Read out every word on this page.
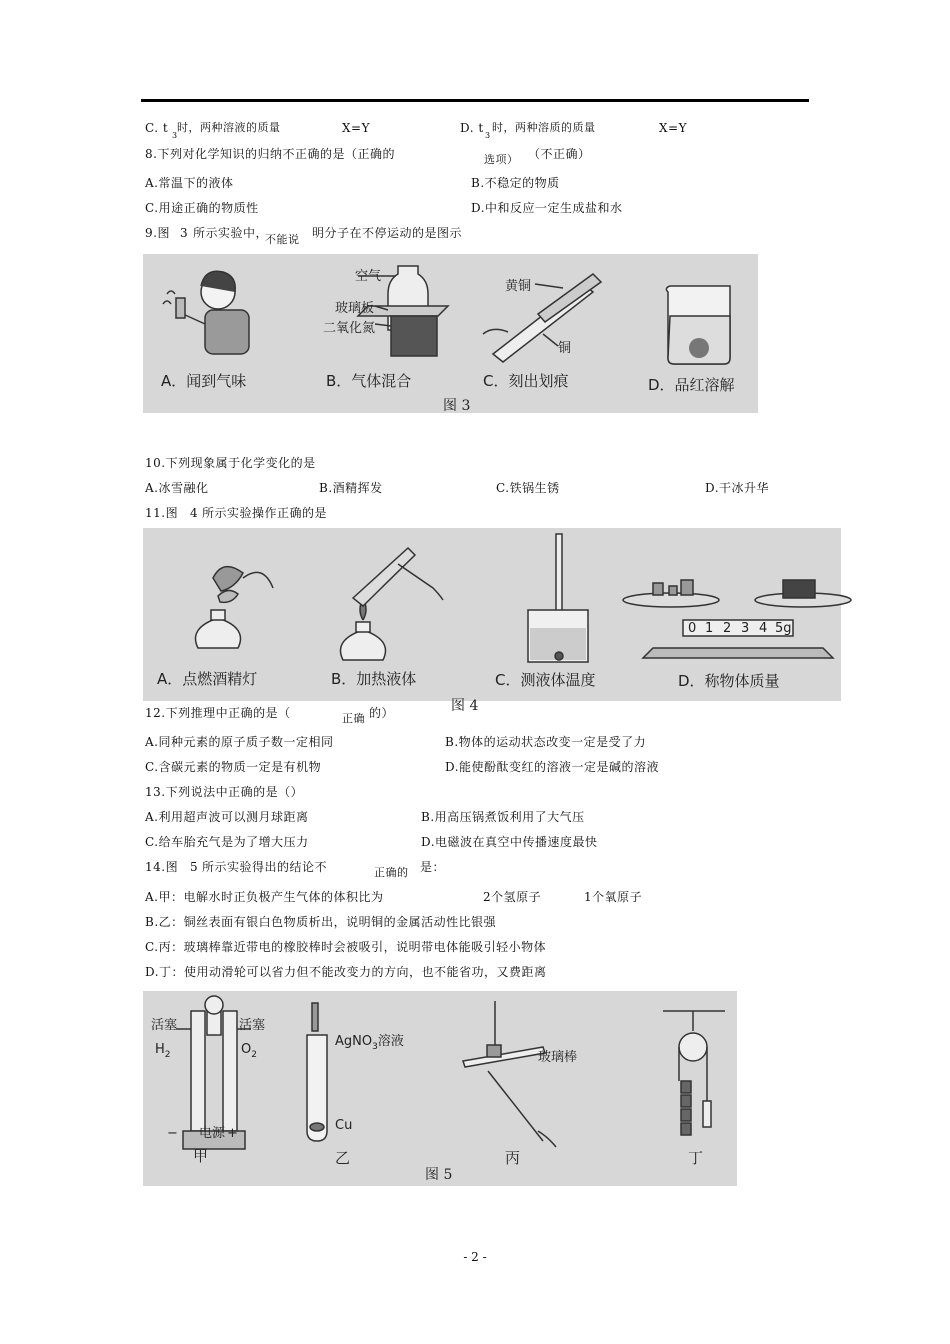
C. t
3
时，两种溶液的质量	X=Y	D. t
3
时，两种溶质的质量	X=Y
8.下列对化学知识的归纳不正确的是（正确的	选项） （不正确）
A.常温下的液体	B.不稳定的物质
C.用途正确的物质性	D.中和反应一定生成盐和水
9.图 3 所示实验中，
不能说 明分子在不停运动的是图示
A．闻到气味
空气
玻璃板
二氧化氮
B．气体混合
黄铜
铜
C．刻出划痕	D．品红溶解
图 3
10.下列现象属于化学变化的是
A.冰雪融化	B.酒精挥发	C.铁锅生锈	D.干冰升华
11.图 4 所示实验操作正确的是
A．点燃酒精灯	B．加热液体	C．测液体温度
0 1 2 3 4 5g
D．称物体质量
图 4
12.下列推理中正确的是（	正确 的）
A.同种元素的原子质子数一定相同	B.物体的运动状态改变一定是受了力
C.含碳元素的物质一定是有机物	D.能使酚酞变红的溶液一定是碱的溶液
13.下列说法中正确的是（）
A.利用超声波可以测月球距离	B.用高压锅煮饭利用了大气压
C.给车胎充气是为了增大压力	D.电磁波在真空中传播速度最快
14.图 5 所示实验得出的结论不	正确的 是：
A.甲：电解水时正负极产生气体的体积比为	2个氢原子	1个氧原子
B.乙：铜丝表面有银白色物质析出，说明铜的金属活动性比银强
C.丙：玻璃棒靠近带电的橡胶棒时会被吸引，说明带电体能吸引轻小物体
D.丁：使用动滑轮可以省力但不能改变力的方向，也不能省功，又费距离
活塞	活塞
$H_2$	$O_2$
− 电源 +
甲
AgNO$_3$溶液
Cu
乙
玻璃棒
丙	丁
图 5
- 2 -
